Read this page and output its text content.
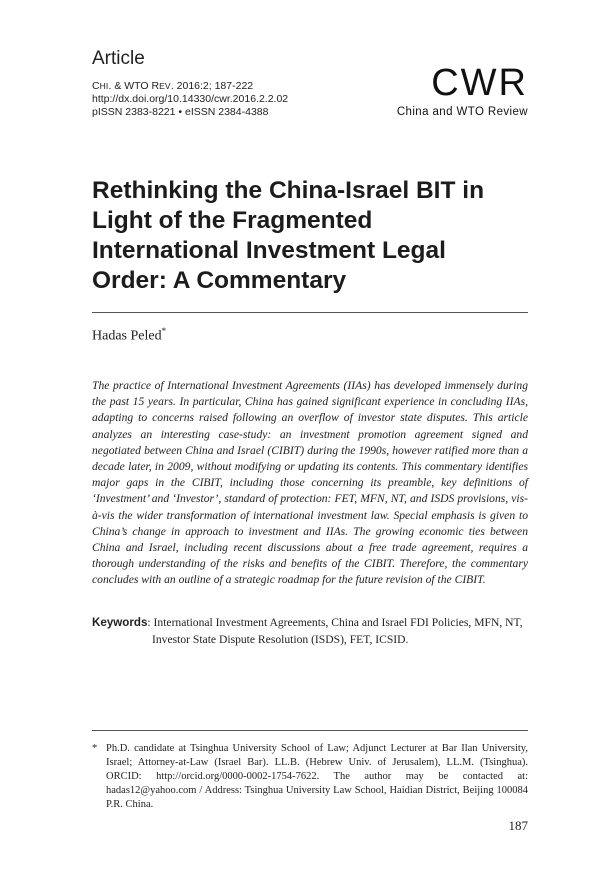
Article
CHI. & WTO REV. 2016:2; 187-222
http://dx.doi.org/10.14330/cwr.2016.2.2.02
pISSN 2383-8221 • eISSN 2384-4388
CWR
China and WTO Review
Rethinking the China-Israel BIT in Light of the Fragmented International Investment Legal Order: A Commentary
Hadas Peled*

The practice of International Investment Agreements (IIAs) has developed immensely during the past 15 years. In particular, China has gained significant experience in concluding IIAs, adapting to concerns raised following an overflow of investor state disputes. This article analyzes an interesting case-study: an investment promotion agreement signed and negotiated between China and Israel (CIBIT) during the 1990s, however ratified more than a decade later, in 2009, without modifying or updating its contents. This commentary identifies major gaps in the CIBIT, including those concerning its preamble, key definitions of ‘Investment’ and ‘Investor’, standard of protection: FET, MFN, NT, and ISDS provisions, vis-à-vis the wider transformation of international investment law. Special emphasis is given to China’s change in approach to investment and IIAs. The growing economic ties between China and Israel, including recent discussions about a free trade agreement, requires a thorough understanding of the risks and benefits of the CIBIT. Therefore, the commentary concludes with an outline of a strategic roadmap for the future revision of the CIBIT.

Keywords: International Investment Agreements, China and Israel FDI Policies, MFN, NT, Investor State Dispute Resolution (ISDS), FET, ICSID.

* Ph.D. candidate at Tsinghua University School of Law; Adjunct Lecturer at Bar Ilan University, Israel; Attorney-at-Law (Israel Bar). LL.B. (Hebrew Univ. of Jerusalem), LL.M. (Tsinghua). ORCID: http://orcid.org/0000-0002-1754-7622. The author may be contacted at: hadas12@yahoo.com / Address: Tsinghua University Law School, Haidian District, Beijing 100084 P.R. China.

187
